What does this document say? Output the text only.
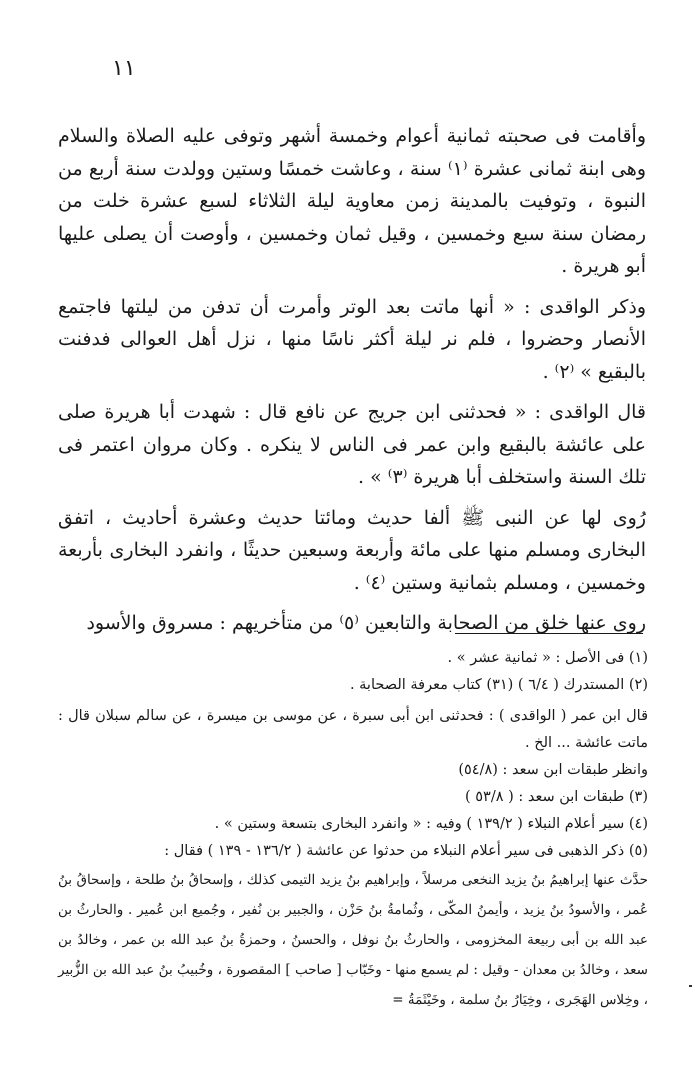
١١

وأقامت فى صحبته ثمانية أعوام وخمسة أشهر وتوفى عليه الصلاة والسلام وهى ابنة ثمانى عشرة ⁽١⁾ سنة ، وعاشت خمسًا وستين وولدت سنة أربع من النبوة ، وتوفيت بالمدينة زمن معاوية ليلة الثلاثاء لسبع عشرة خلت من رمضان سنة سبع وخمسين ، وقيل ثمان وخمسين ، وأوصت أن يصلى عليها أبو هريرة .

وذكر الواقدى : « أنها ماتت بعد الوتر وأمرت أن تدفن من ليلتها فاجتمع الأنصار وحضروا ، فلم نر ليلة أكثر ناسًا منها ، نزل أهل العوالى فدفنت بالبقيع » ⁽٢⁾ .

قال الواقدى : « فحدثنى ابن جريج عن نافع قال : شهدت أبا هريرة صلى على عائشة بالبقيع وابن عمر فى الناس لا ينكره . وكان مروان اعتمر فى تلك السنة واستخلف أبا هريرة ⁽٣⁾ » .

رُوى لها عن النبى ﷺ ألفا حديث ومائتا حديث وعشرة أحاديث ، اتفق البخارى ومسلم منها على مائة وأربعة وسبعين حديثًا ، وانفرد البخارى بأربعة وخمسين ، ومسلم بثمانية وستين ⁽٤⁾ .

روى عنها خلق من الصحابة والتابعين ⁽٥⁾ من متأخريهم : مسروق والأسود

(١) فى الأصل : « ثمانية عشر » .

(٢) المستدرك ( ٦/٤ ) (٣١) كتاب معرفة الصحابة .

قال ابن عمر ( الواقدى ) : فحدثنى ابن أبى سبرة ، عن موسى بن ميسرة ، عن سالم سبلان قال : ماتت عائشة ... الخ .

وانظر طبقات ابن سعد : (٥٤/٨)

(٣) طبقات ابن سعد : ( ٥٣/٨ )

(٤) سير أعلام النبلاء ( ١٣٩/٢ ) وفيه : « وانفرد البخارى بتسعة وستين » .

(٥) ذكر الذهبى فى سير أعلام النبلاء من حدثوا عن عائشة ( ١٣٦/٢ - ١٣٩ ) فقال :

حدَّث عنها إبراهيمُ بنُ يزيد النخعى مرسلاً ، وإبراهيم بنُ يزيد التيمى كذلك ، وإسحاقُ بنُ طلحة ، وإسحاقُ بنُ عُمر ، والأسودُ بنُ يزيد ، وأيمنُ المكّى ، وثُمامةُ بنُ حَزْن ، والجبير بن نُفير ، وجُميع ابن عُمير . والحارثُ بن عبد الله بن أبى ربيعة المخزومى ، والحارثُ بنُ نوفل ، والحسنُ ، وحمزةُ بنُ عبد الله بن عمر ، وخالدُ بن سعد ، وخالدُ بن معدان - وقيل : لم يسمع منها - وخَبّاب [ صاحب ] المقصورة ، وخُبيبُ بنُ عبد الله بن الزُّبير ، وخِلاس الهَجَرى ، وخِيَارُ بنُ سلمة ، وخَيْثَمَةُ =
